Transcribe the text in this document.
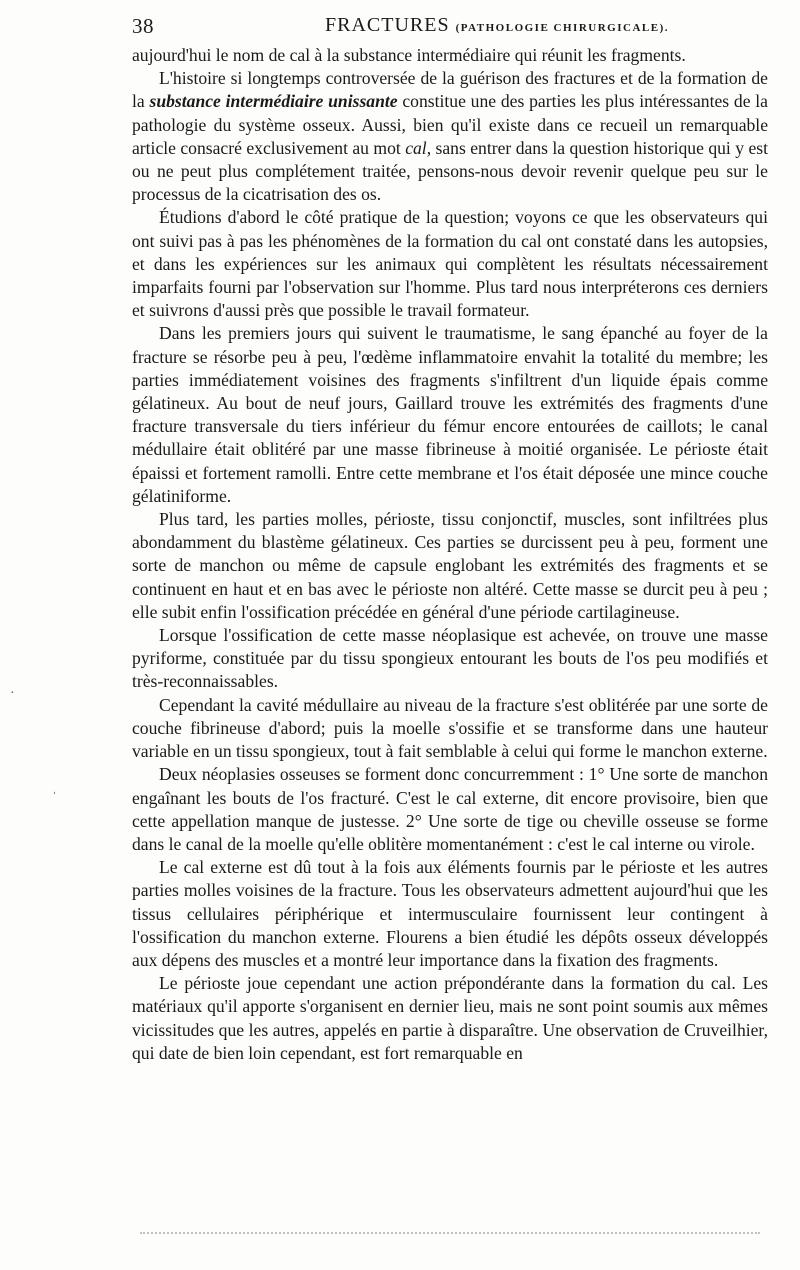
38	FRACTURES (PATHOLOGIE CHIRURGICALE).

aujourd'hui le nom de cal à la substance intermédiaire qui réunit les fragments.

L'histoire si longtemps controversée de la guérison des fractures et de la formation de la substance intermédiaire unissante constitue une des parties les plus intéressantes de la pathologie du système osseux. Aussi, bien qu'il existe dans ce recueil un remarquable article consacré exclusivement au mot cal, sans entrer dans la question historique qui y est ou ne peut plus complétement traitée, pensons-nous devoir revenir quelque peu sur le processus de la cicatrisation des os.

Étudions d'abord le côté pratique de la question; voyons ce que les observateurs qui ont suivi pas à pas les phénomènes de la formation du cal ont constaté dans les autopsies, et dans les expériences sur les animaux qui complètent les résultats nécessairement imparfaits fourni par l'observation sur l'homme. Plus tard nous interpréterons ces derniers et suivrons d'aussi près que possible le travail formateur.

Dans les premiers jours qui suivent le traumatisme, le sang épanché au foyer de la fracture se résorbe peu à peu, l'œdème inflammatoire envahit la totalité du membre; les parties immédiatement voisines des fragments s'infiltrent d'un liquide épais comme gélatineux. Au bout de neuf jours, Gaillard trouve les extrémités des fragments d'une fracture transversale du tiers inférieur du fémur encore entourées de caillots; le canal médullaire était oblitéré par une masse fibrineuse à moitié organisée. Le périoste était épaissi et fortement ramolli. Entre cette membrane et l'os était déposée une mince couche gélatiniforme.

Plus tard, les parties molles, périoste, tissu conjonctif, muscles, sont infiltrées plus abondamment du blastème gélatineux. Ces parties se durcissent peu à peu, forment une sorte de manchon ou même de capsule englobant les extrémités des fragments et se continuent en haut et en bas avec le périoste non altéré. Cette masse se durcit peu à peu ; elle subit enfin l'ossification précédée en général d'une période cartilagineuse.

Lorsque l'ossification de cette masse néoplasique est achevée, on trouve une masse pyriforme, constituée par du tissu spongieux entourant les bouts de l'os peu modifiés et très-reconnaissables.

Cependant la cavité médullaire au niveau de la fracture s'est oblitérée par une sorte de couche fibrineuse d'abord; puis la moelle s'ossifie et se transforme dans une hauteur variable en un tissu spongieux, tout à fait semblable à celui qui forme le manchon externe.

Deux néoplasies osseuses se forment donc concurremment : 1° Une sorte de manchon engaînant les bouts de l'os fracturé. C'est le cal externe, dit encore provisoire, bien que cette appellation manque de justesse. 2° Une sorte de tige ou cheville osseuse se forme dans le canal de la moelle qu'elle oblitère momentanément : c'est le cal interne ou virole.

Le cal externe est dû tout à la fois aux éléments fournis par le périoste et les autres parties molles voisines de la fracture. Tous les observateurs admettent aujourd'hui que les tissus cellulaires périphérique et intermusculaire fournissent leur contingent à l'ossification du manchon externe. Flourens a bien étudié les dépôts osseux développés aux dépens des muscles et a montré leur importance dans la fixation des fragments.

Le périoste joue cependant une action prépondérante dans la formation du cal. Les matériaux qu'il apporte s'organisent en dernier lieu, mais ne sont point soumis aux mêmes vicissitudes que les autres, appelés en partie à disparaître. Une observation de Cruveilhier, qui date de bien loin cependant, est fort remarquable en

·
ˌ
